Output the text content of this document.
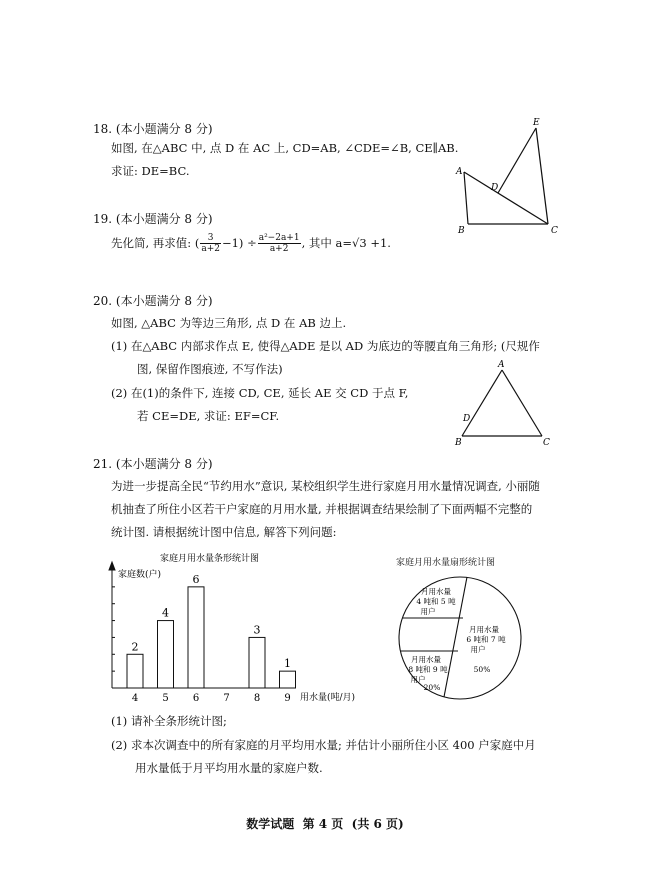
18. (本小题满分 8 分)
如图, 在△ABC 中, 点 D 在 AC 上, CD=AB, ∠CDE=∠B, CE∥AB.
求证: DE=BC.	A
B	C
D
E
19. (本小题满分 8 分)
先化简, 再求值: ( $\frac{3}{a+2} -1) \div \frac{\text{a²−2a+1}}{a+2}$ , 其中 a=√3 +1.
20. (本小题满分 8 分)
如图, △ABC 为等边三角形, 点 D 在 AB 边上.
(1) 在△ABC 内部求作点 E, 使得△ADE 是以 AD 为底边的等腰直角三角形; (尺规作
图, 保留作图痕迹, 不写作法)
(2) 在(1)的条件下, 连接 CD, CE, 延长 AE 交 CD 于点 F,
若 CE=DE, 求证: EF=CF.
A
B	C
D
21. (本小题满分 8 分)
为进一步提高全民“节约用水”意识, 某校组织学生进行家庭月用水量情况调查, 小丽随
机抽查了所住小区若干户家庭的月用水量, 并根据调查结果绘制了下面两幅不完整的
统计图. 请根据统计图中信息, 解答下列问题:
2
4
6
3
1
4 5 6 7 8 9
家庭月用水量条形统计图
家庭数(户)
用水量(吨/月)
家庭月用水量扇形统计图
月用水量
4 吨和 5 吨
用户
月用水量
6 吨和 7 吨
用户
50%
月用水量
8 吨和 9 吨
用户
20%
(1) 请补全条形统计图;
(2) 求本次调查中的所有家庭的月平均用水量; 并估计小丽所住小区 400 户家庭中月
用水量低于月平均用水量的家庭户数.
数学试题  第 4 页  (共 6 页)
